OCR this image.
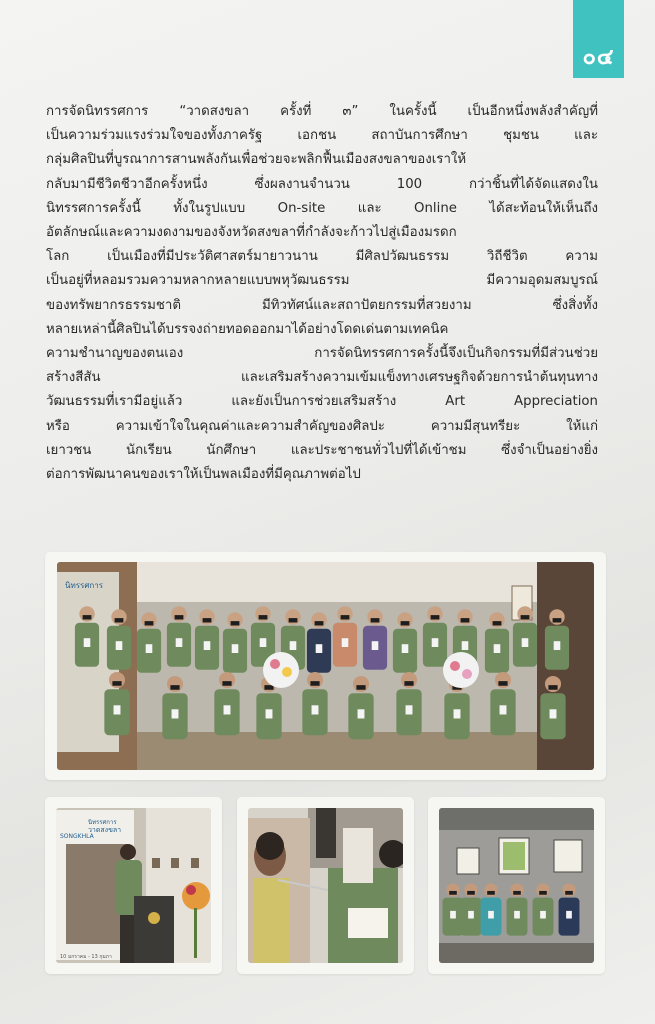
๐๔
การจัดนิทรรศการ “วาดสงขลา ครั้งที่ ๓” ในครั้งนี้ เป็นอีกหนึ่งพลังสำคัญที่
เป็นความร่วมแรงร่วมใจของทั้งภาครัฐ เอกชน สถาบันการศึกษา ชุมชน และ
กลุ่มศิลปินที่บูรณาการสานพลังกันเพื่อช่วยจะพลิกฟื้นเมืองสงขลาของเราให้
กลับมามีชีวิตชีวาอีกครั้งหนึ่ง ซึ่งผลงานจำนวน 100 กว่าชิ้นที่ได้จัดแสดงใน
นิทรรศการครั้งนี้ ทั้งในรูปแบบ On-site และ Online ได้สะท้อนให้เห็นถึง
อัตลักษณ์และความงดงามของจังหวัดสงขลาที่กำลังจะก้าวไปสู่เมืองมรดก
โลก เป็นเมืองที่มีประวัติศาสตร์มายาวนาน มีศิลปวัฒนธรรม วิถีชีวิต ความ
เป็นอยู่ที่หลอมรวมความหลากหลายแบบพหุวัฒนธรรม มีความอุดมสมบูรณ์
ของทรัพยากรธรรมชาติ มีทิวทัศน์และสถาปัตยกรรมที่สวยงาม ซึ่งสิ่งทั้ง
หลายเหล่านี้ศิลปินได้บรรจงถ่ายทอดออกมาได้อย่างโดดเด่นตามเทคนิค
ความชำนาญของตนเอง การจัดนิทรรศการครั้งนี้จึงเป็นกิจกรรมที่มีส่วนช่วย
สร้างสีสัน และเสริมสร้างความเข้มแข็งทางเศรษฐกิจด้วยการนำต้นทุนทาง
วัฒนธรรมที่เรามีอยู่แล้ว และยังเป็นการช่วยเสริมสร้าง Art Appreciation
หรือ ความเข้าใจในคุณค่าและความสำคัญของศิลปะ ความมีสุนทรียะ ให้แก่
เยาวชน นักเรียน นักศึกษา และประชาชนทั่วไปที่ได้เข้าชม ซึ่งจำเป็นอย่างยิ่ง
ต่อการพัฒนาคนของเราให้เป็นพลเมืองที่มีคุณภาพต่อไป
นิทรรศการ
นิทรรศการ
วาดสงขลา
SONGKHLA
10 มกราคม - 13 กุมภา
